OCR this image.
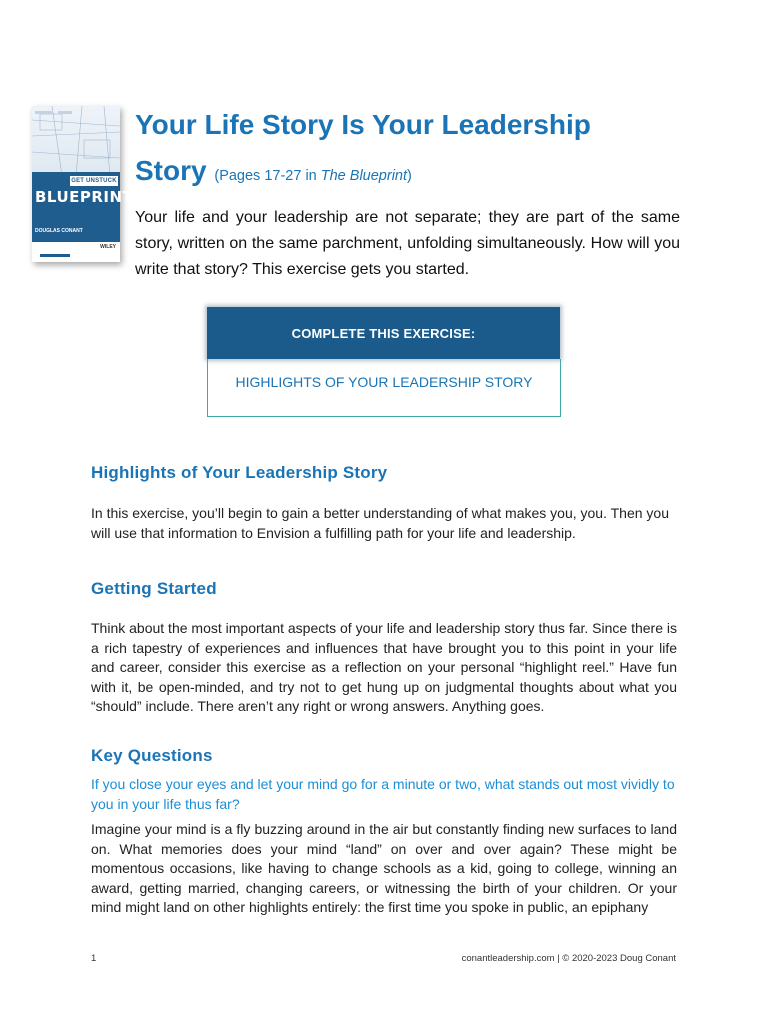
GET UNSTUCK
BLUEPRINT
DOUGLAS CONANT
WILEY
Your Life Story Is Your Leadership
Story (Pages 17-27 in The Blueprint)

Your life and your leadership are not separate; they are part of the same story, written on the same parchment, unfolding simultaneously. How will you write that story? This exercise gets you started.

COMPLETE THIS EXERCISE:
HIGHLIGHTS OF YOUR LEADERSHIP STORY
Highlights of Your Leadership Story

In this exercise, you’ll begin to gain a better understanding of what makes you, you. Then you will use that information to Envision a fulfilling path for your life and leadership.

Getting Started

Think about the most important aspects of your life and leadership story thus far. Since there is a rich tapestry of experiences and influences that have brought you to this point in your life and career, consider this exercise as a reflection on your personal “highlight reel.” Have fun with it, be open-minded, and try not to get hung up on judgmental thoughts about what you “should” include. There aren’t any right or wrong answers. Anything goes.

Key Questions

If you close your eyes and let your mind go for a minute or two, what stands out most vividly to you in your life thus far?

Imagine your mind is a fly buzzing around in the air but constantly finding new surfaces to land on. What memories does your mind “land” on over and over again? These might be momentous occasions, like having to change schools as a kid, going to college, winning an award, getting married, changing careers, or witnessing the birth of your children. Or your mind might land on other highlights entirely: the first time you spoke in public, an epiphany

1	conantleadership.com | © 2020-2023 Doug Conant
